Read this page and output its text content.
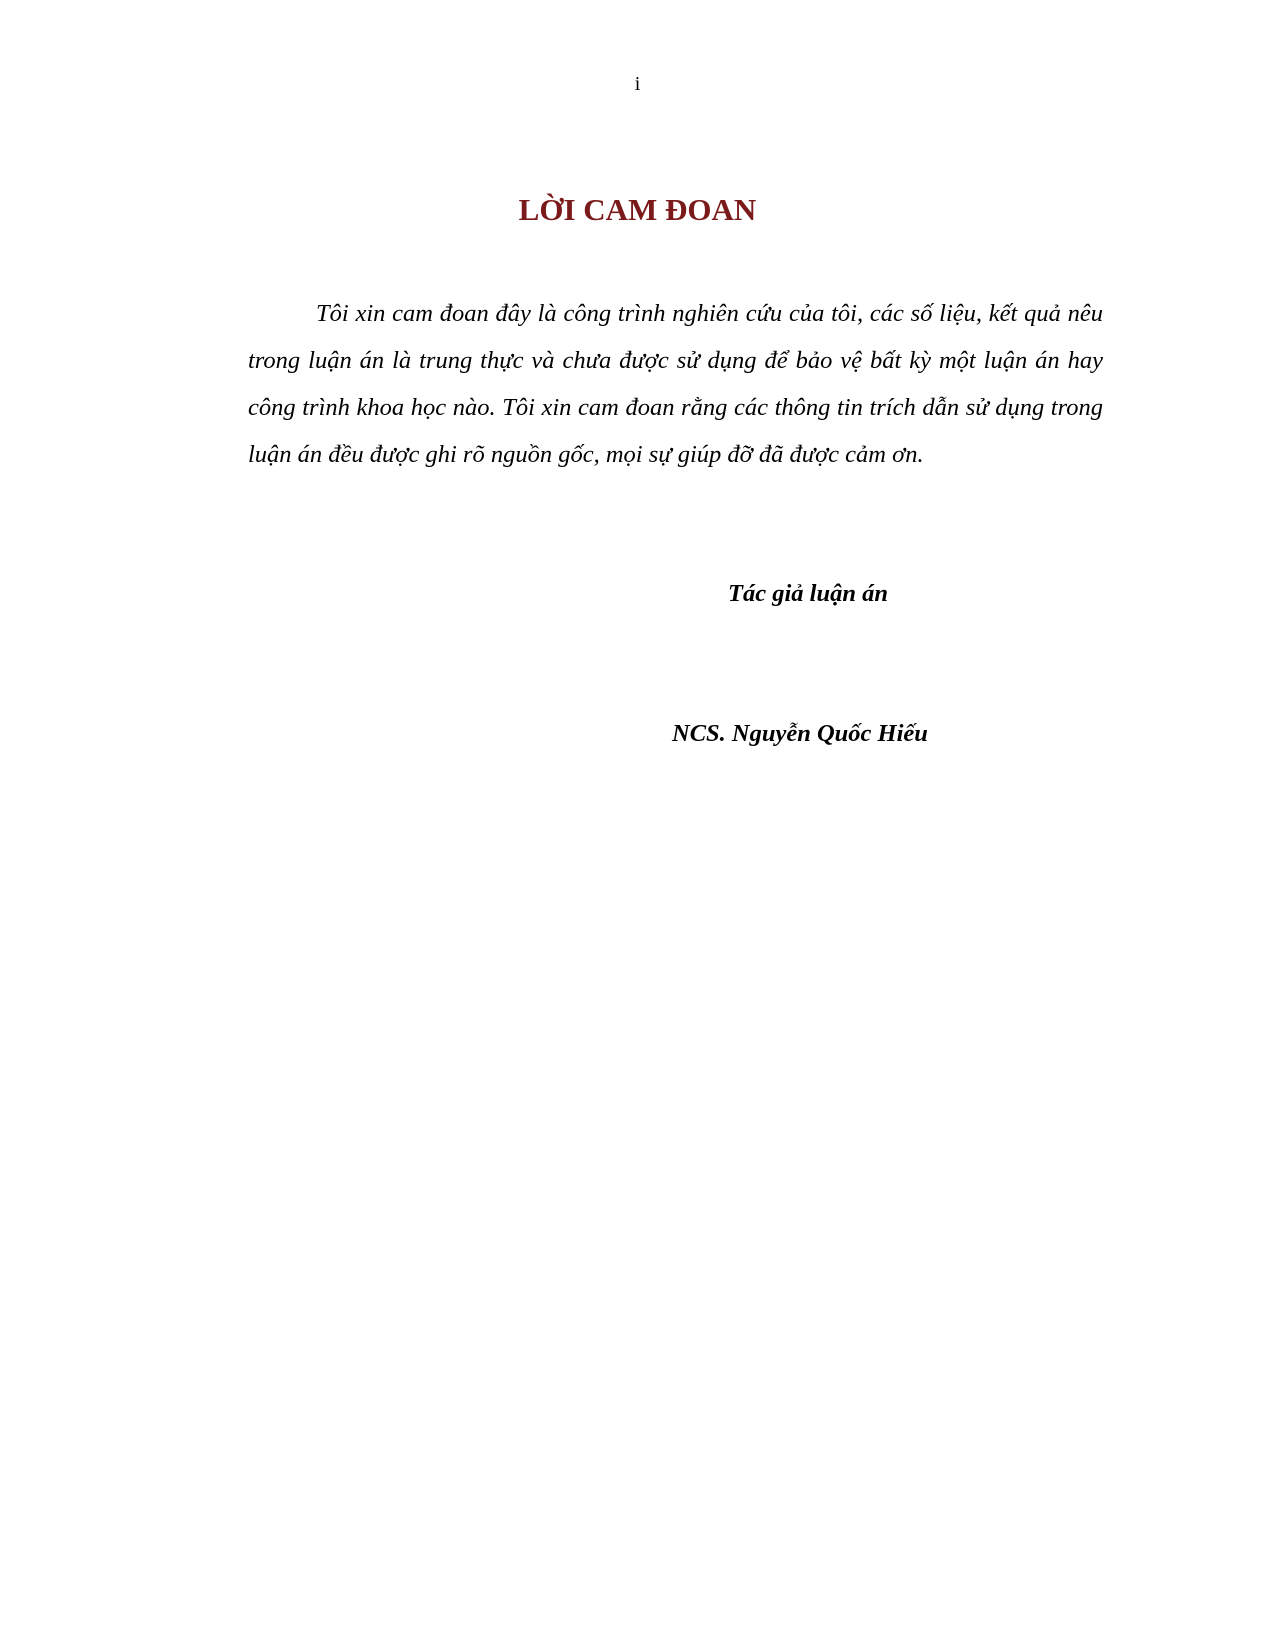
i
LỜI CAM ĐOAN

Tôi xin cam đoan đây là công trình nghiên cứu của tôi, các số liệu, kết quả nêu trong luận án là trung thực và chưa được sử dụng để bảo vệ bất kỳ một luận án hay công trình khoa học nào. Tôi xin cam đoan rằng các thông tin trích dẫn sử dụng trong luận án đều được ghi rõ nguồn gốc, mọi sự giúp đỡ đã được cảm ơn.

Tác giả luận án
NCS. Nguyễn Quốc Hiếu
